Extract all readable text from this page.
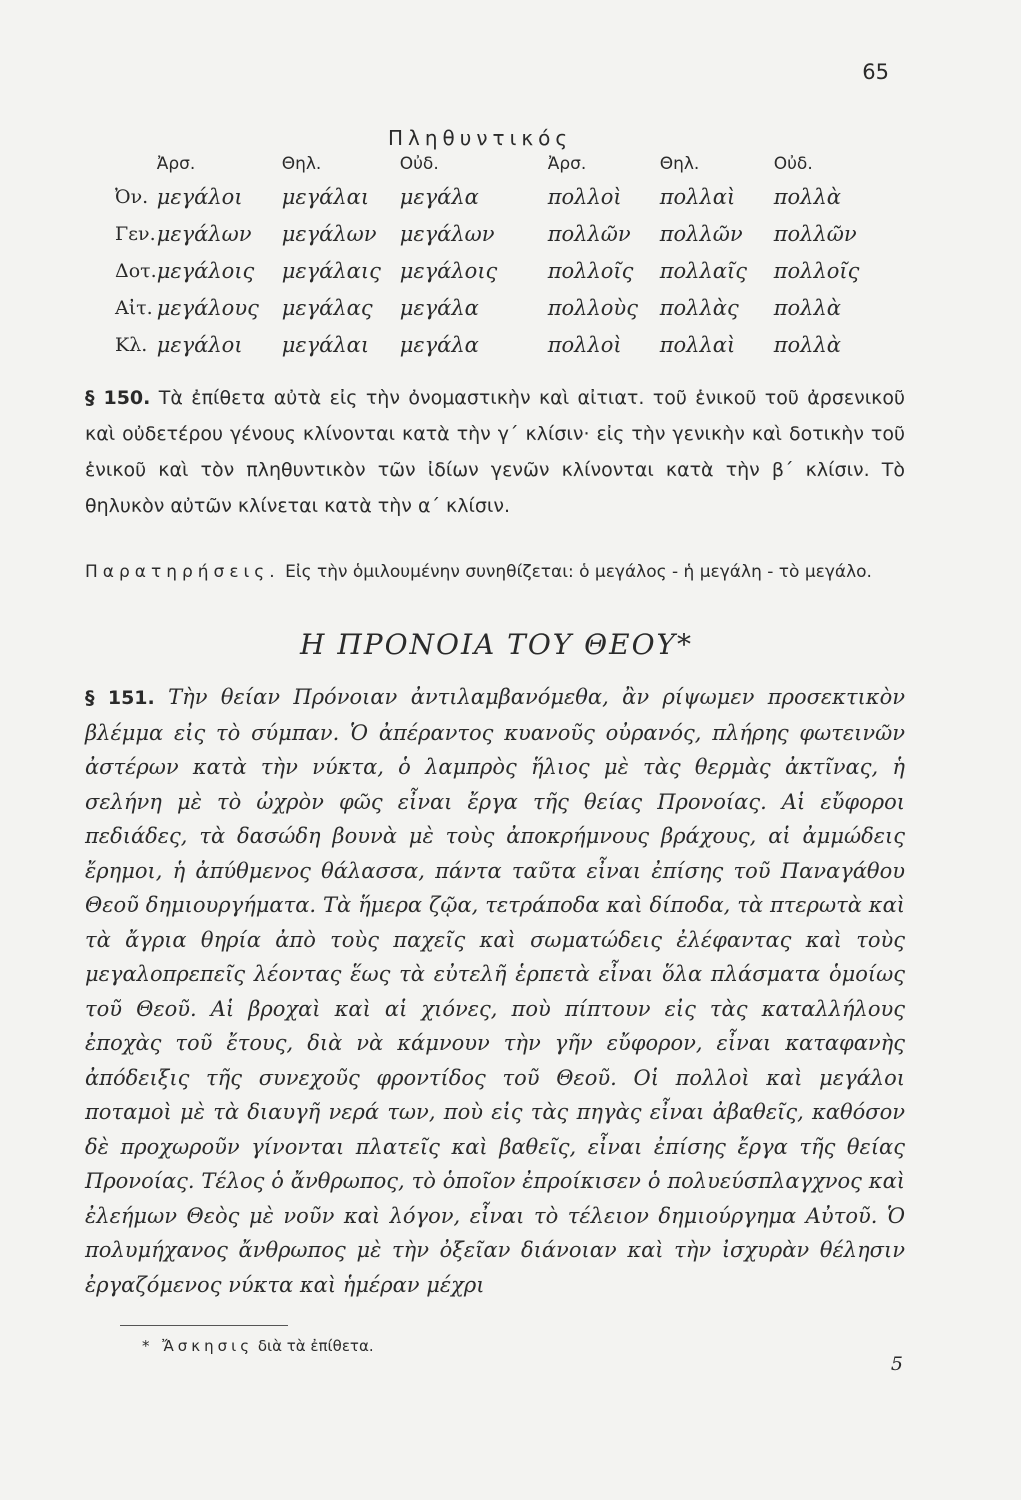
65
Πληθυντικός
	Ἀρσ.	Θηλ.	Οὐδ.	Ἀρσ.	Θηλ.	Οὐδ.
Ὀν.	μεγάλοι	μεγάλαι	μεγάλα	πολλοὶ	πολλαὶ	πολλὰ
Γεν.	μεγάλων	μεγάλων	μεγάλων	πολλῶν	πολλῶν	πολλῶν
Δοτ.	μεγάλοις	μεγάλαις	μεγάλοις	πολλοῖς	πολλαῖς	πολλοῖς
Αἰτ.	μεγάλους	μεγάλας	μεγάλα	πολλοὺς	πολλὰς	πολλὰ
Κλ.	μεγάλοι	μεγάλαι	μεγάλα	πολλοὶ	πολλαὶ	πολλὰ
§ 150. Τὰ ἐπίθετα αὐτὰ εἰς τὴν ὀνομαστικὴν καὶ αἰτιατ. τοῦ ἑνικοῦ τοῦ ἀρσενικοῦ καὶ οὐδετέρου γένους κλίνονται κατὰ τὴν γ΄ κλίσιν· εἰς τὴν γενικὴν καὶ δοτικὴν τοῦ ἑνικοῦ καὶ τὸν πληθυντικὸν τῶν ἰδίων γενῶν κλίνονται κατὰ τὴν β΄ κλίσιν. Τὸ θηλυκὸν αὐτῶν κλίνεται κατὰ τὴν α΄ κλίσιν.
Παρατηρήσεις. Εἰς τὴν ὁμιλουμένην συνηθίζεται: ὁ μεγάλος - ἡ μεγάλη - τὸ μεγάλο.
Η ΠΡΟΝΟΙΑ ΤΟΥ ΘΕΟΥ*
§ 151. Τὴν θείαν Πρόνοιαν ἀντιλαμβανόμεθα, ἂν ρίψωμεν προσεκτικὸν βλέμμα εἰς τὸ σύμπαν. Ὁ ἀπέραντος κυανοῦς οὐρανός, πλήρης φωτεινῶν ἀστέρων κατὰ τὴν νύκτα, ὁ λαμπρὸς ἥλιος μὲ τὰς θερμὰς ἀκτῖνας, ἡ σελήνη μὲ τὸ ὠχρὸν φῶς εἶναι ἔργα τῆς θείας Προνοίας. Αἱ εὔφοροι πεδιάδες, τὰ δασώδη βουνὰ μὲ τοὺς ἀποκρήμνους βράχους, αἱ ἀμμώδεις ἔρημοι, ἡ ἀπύθμενος θάλασσα, πάντα ταῦτα εἶναι ἐπίσης τοῦ Παναγάθου Θεοῦ δημιουργήματα. Τὰ ἥμερα ζῷα, τετράποδα καὶ δίποδα, τὰ πτερωτὰ καὶ τὰ ἄγρια θηρία ἀπὸ τοὺς παχεῖς καὶ σωματώδεις ἐλέφαντας καὶ τοὺς μεγαλοπρεπεῖς λέοντας ἕως τὰ εὐτελῆ ἑρπετὰ εἶναι ὅλα πλάσματα ὁμοίως τοῦ Θεοῦ. Αἱ βροχαὶ καὶ αἱ χιόνες, ποὺ πίπτουν εἰς τὰς καταλλήλους ἐποχὰς τοῦ ἔτους, διὰ νὰ κάμνουν τὴν γῆν εὔφορον, εἶναι καταφανὴς ἀπόδειξις τῆς συνεχοῦς φροντίδος τοῦ Θεοῦ. Οἱ πολλοὶ καὶ μεγάλοι ποταμοὶ μὲ τὰ διαυγῆ νερά των, ποὺ εἰς τὰς πηγὰς εἶναι ἀβαθεῖς, καθόσον δὲ προχωροῦν γίνονται πλατεῖς καὶ βαθεῖς, εἶναι ἐπίσης ἔργα τῆς θείας Προνοίας. Τέλος ὁ ἄνθρωπος, τὸ ὁποῖον ἐπροίκισεν ὁ πολυεύσπλαγχνος καὶ ἐλεήμων Θεὸς μὲ νοῦν καὶ λόγον, εἶναι τὸ τέλειον δημιούργημα Αὐτοῦ. Ὁ πολυμήχανος ἄνθρωπος μὲ τὴν ὀξεῖαν διάνοιαν καὶ τὴν ἰσχυρὰν θέλησιν ἐργαζόμενος νύκτα καὶ ἡμέραν μέχρι
* Ἄσκησις διὰ τὰ ἐπίθετα.
5
